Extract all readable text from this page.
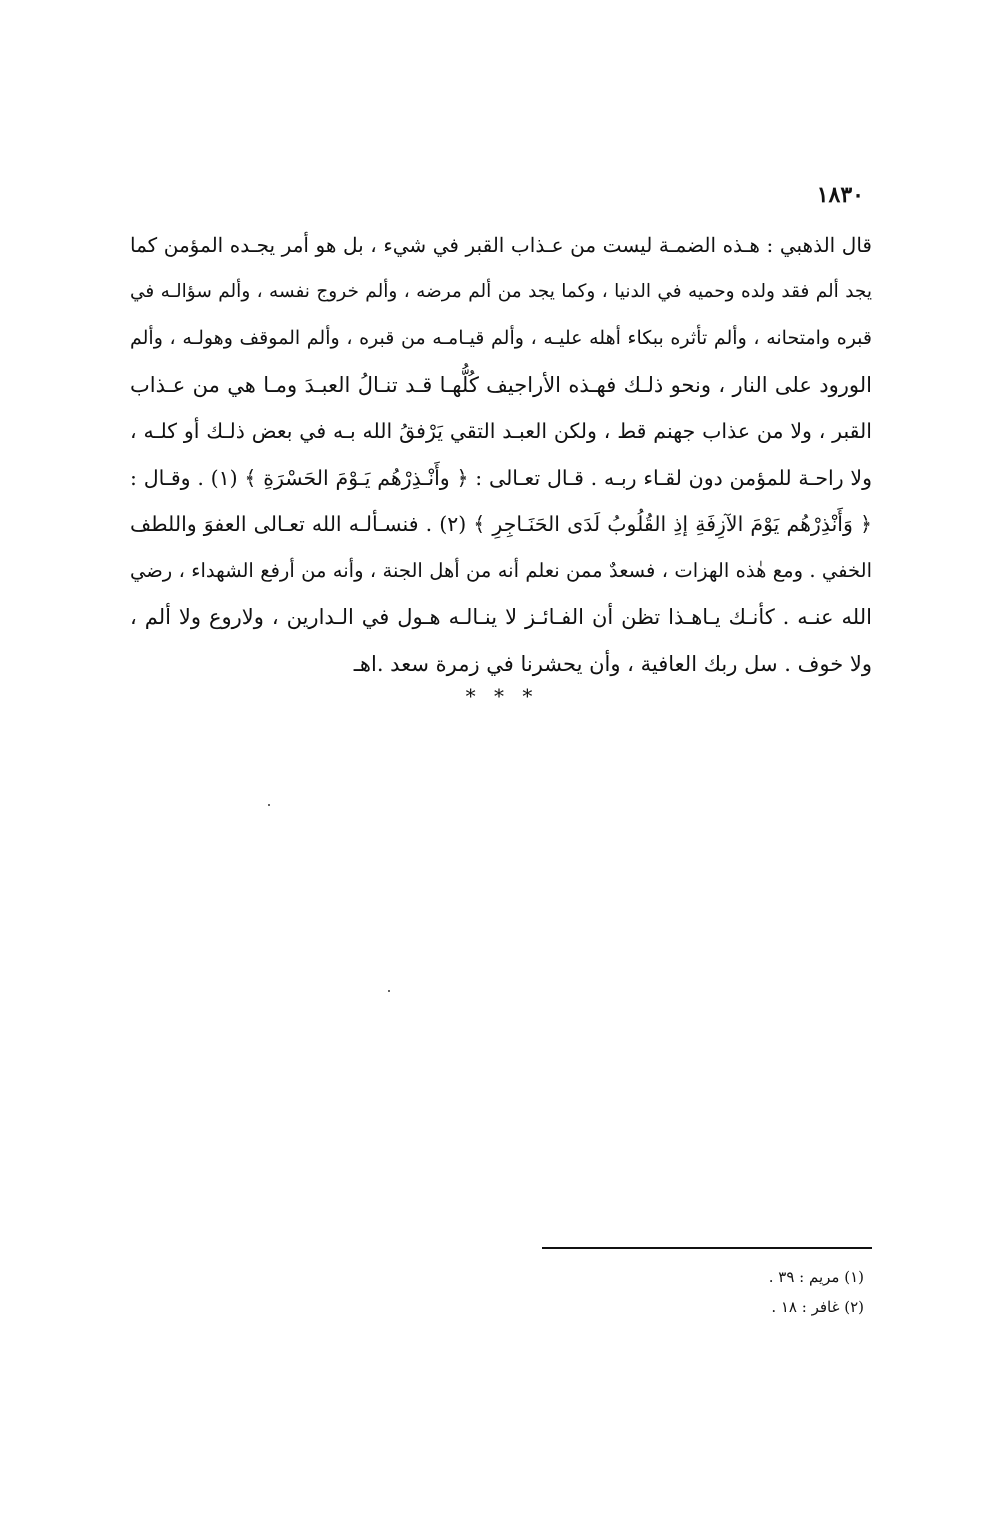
١٨٣٠
قال الذهبي : هـذه الضمـة ليست من عـذاب القبر في شيء ، بل هو أمر يجـده المؤمن كما
يجد ألم فقد ولده وحميه في الدنيا ، وكما يجد من ألم مرضه ، وألم خروج نفسه ، وألم سؤالـه في
قبره وامتحانه ، وألم تأثره ببكاء أهله عليـه ، وألم قيـامـه من قبره ، وألم الموقف وهولـه ، وألم
الورود على النار ، ونحو ذلـك فهـذه الأراجيف كُلُّهـا قـد تنـالُ العبـدَ ومـا هي من عـذاب
القبر ، ولا من عذاب جهنم قط ، ولكن العبـد التقي يَرْفقُ الله بـه في بعض ذلـك أو كلـه ،
ولا راحـة للمؤمن دون لقـاء ربـه . قـال تعـالى : ﴿ وأَنْـذِرْهُم يَـوْمَ الحَسْرَةِ ﴾ (١) . وقـال :
﴿ وَأَنْذِرْهُم يَوْمَ الآزِفَةِ إذِ القُلُوبُ لَدَى الحَنَـاجِرِ ﴾ (٢) . فنسـألـه الله تعـالى العفوَ واللطف
الخفي . ومع هٰذه الهزات ، فسعدٌ ممن نعلم أنه من أهل الجنة ، وأنه من أرفع الشهداء ، رضي
الله عنـه . كأنـك يـاهـذا تظن أن الفـائـز لا ينـالـه هـول في الـدارين ، ولاروع ولا ألم ،
ولا خوف . سل ربك العافية ، وأن يحشرنا في زمرة سعد .اهـ
* * *
(١) مريم : ٣٩ .
(٢) غافر : ١٨ .
